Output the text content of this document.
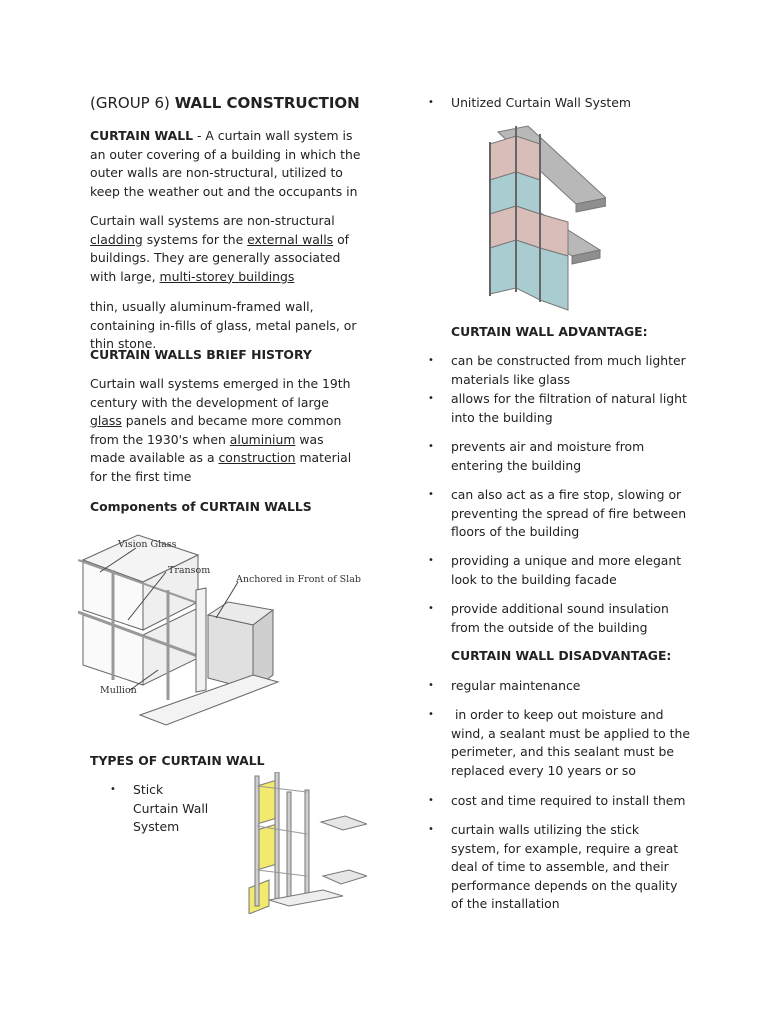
(GROUP 6) WALL CONSTRUCTION

CURTAIN WALL - A curtain wall system is an outer covering of a building in which the outer walls are non-structural, utilized to keep the weather out and the occupants in

Curtain wall systems are non-structural cladding systems for the external walls of buildings. They are generally associated with large, multi-storey buildings

thin, usually aluminum-framed wall, containing in-fills of glass, metal panels, or thin stone.

CURTAIN WALLS BRIEF HISTORY

Curtain wall systems emerged in the 19th century with the development of large glass panels and became more common from the 1930's when aluminium was made available as a construction material for the first time

Components of CURTAIN WALLS

TYPES OF CURTAIN WALL

•	Stick Curtain Wall System
Vision Glass
Transom
Anchored in Front of Slab
Mullion
•	Unitized Curtain Wall System

CURTAIN WALL ADVANTAGE:

•	can be constructed from much lighter materials like glass
•	allows for the filtration of natural light into the building
•	prevents air and moisture from entering the building
•	can also act as a fire stop, slowing or preventing the spread of fire between floors of the building
•	providing a unique and more elegant look to the building facade
•	provide additional sound insulation from the outside of the building

CURTAIN WALL DISADVANTAGE:

•	regular maintenance
•	in order to keep out moisture and wind, a sealant must be applied to the perimeter, and this sealant must be replaced every 10 years or so
•	cost and time required to install them
•	curtain walls utilizing the stick system, for example, require a great deal of time to assemble, and their performance depends on the quality of the installation
